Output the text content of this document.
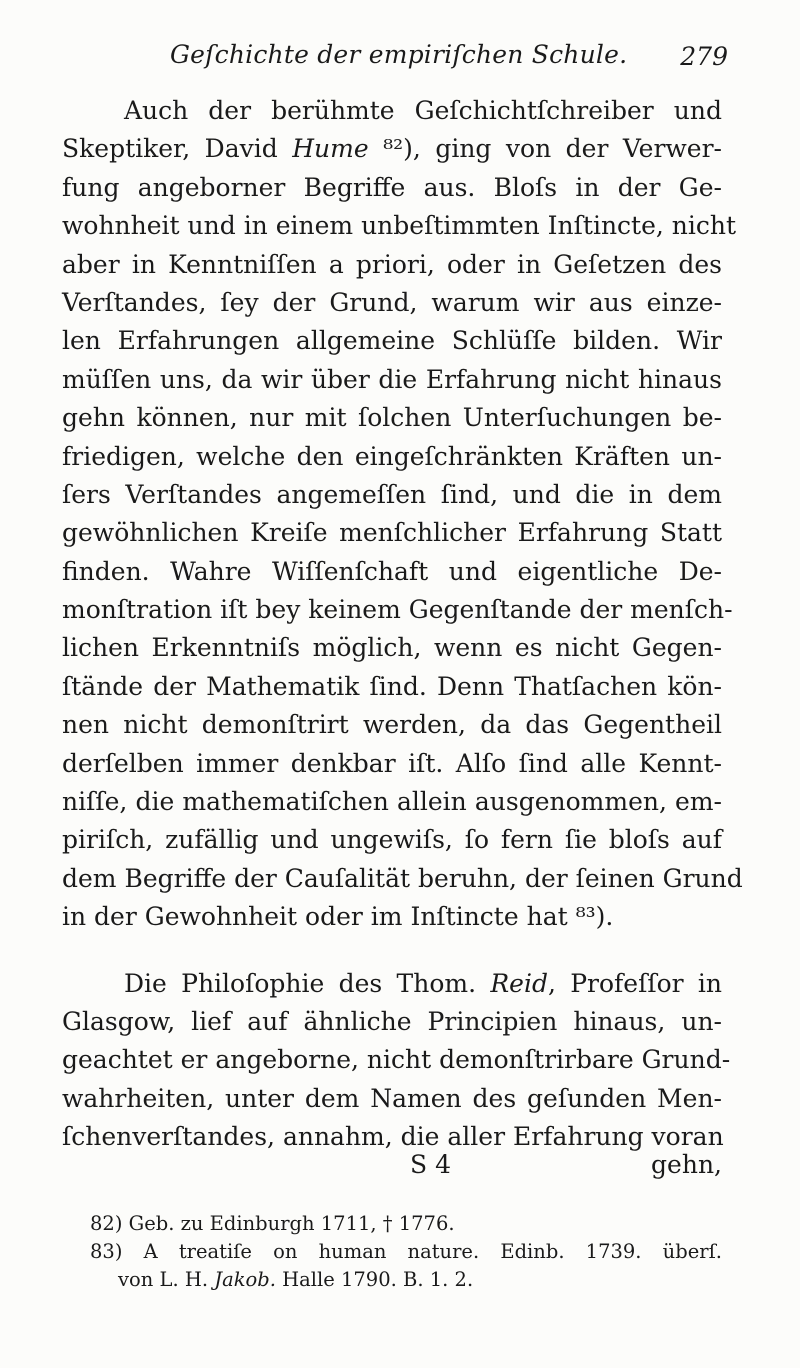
Geſchichte der empiriſchen Schule. 279
Auch der berühmte Geſchichtſchreiber und
Skeptiker, David Hume ⁸²), ging von der Verwer-
fung angeborner Begriffe aus. Bloſs in der Ge-
wohnheit und in einem unbeſtimmten Inſtincte, nicht
aber in Kenntniſſen a priori, oder in Geſetzen des
Verſtandes, ſey der Grund, warum wir aus einze-
len Erfahrungen allgemeine Schlüſſe bilden. Wir
müſſen uns, da wir über die Erfahrung nicht hinaus
gehn können, nur mit ſolchen Unterſuchungen be-
friedigen, welche den eingeſchränkten Kräften un-
ſers Verſtandes angemeſſen ſind, und die in dem
gewöhnlichen Kreiſe menſchlicher Erfahrung Statt
finden. Wahre Wiſſenſchaft und eigentliche De-
monſtration iſt bey keinem Gegenſtande der menſch-
lichen Erkenntniſs möglich, wenn es nicht Gegen-
ſtände der Mathematik ſind. Denn Thatſachen kön-
nen nicht demonſtrirt werden, da das Gegentheil
derſelben immer denkbar iſt. Alſo ſind alle Kennt-
niſſe, die mathematiſchen allein ausgenommen, em-
piriſch, zufällig und ungewiſs, ſo fern ſie bloſs auf
dem Begriffe der Cauſalität beruhn, der ſeinen Grund
in der Gewohnheit oder im Inſtincte hat ⁸³).
Die Philoſophie des Thom. Reid, Profeſſor in
Glasgow, lief auf ähnliche Principien hinaus, un-
geachtet er angeborne, nicht demonſtrirbare Grund-
wahrheiten, unter dem Namen des geſunden Men-
ſchenverſtandes, annahm, die aller Erfahrung voran
S 4	gehn,
82) Geb. zu Edinburgh 1711, † 1776.
83) A treatiſe on human nature. Edinb. 1739. überſ.
von L. H. Jakob. Halle 1790. B. 1. 2.
